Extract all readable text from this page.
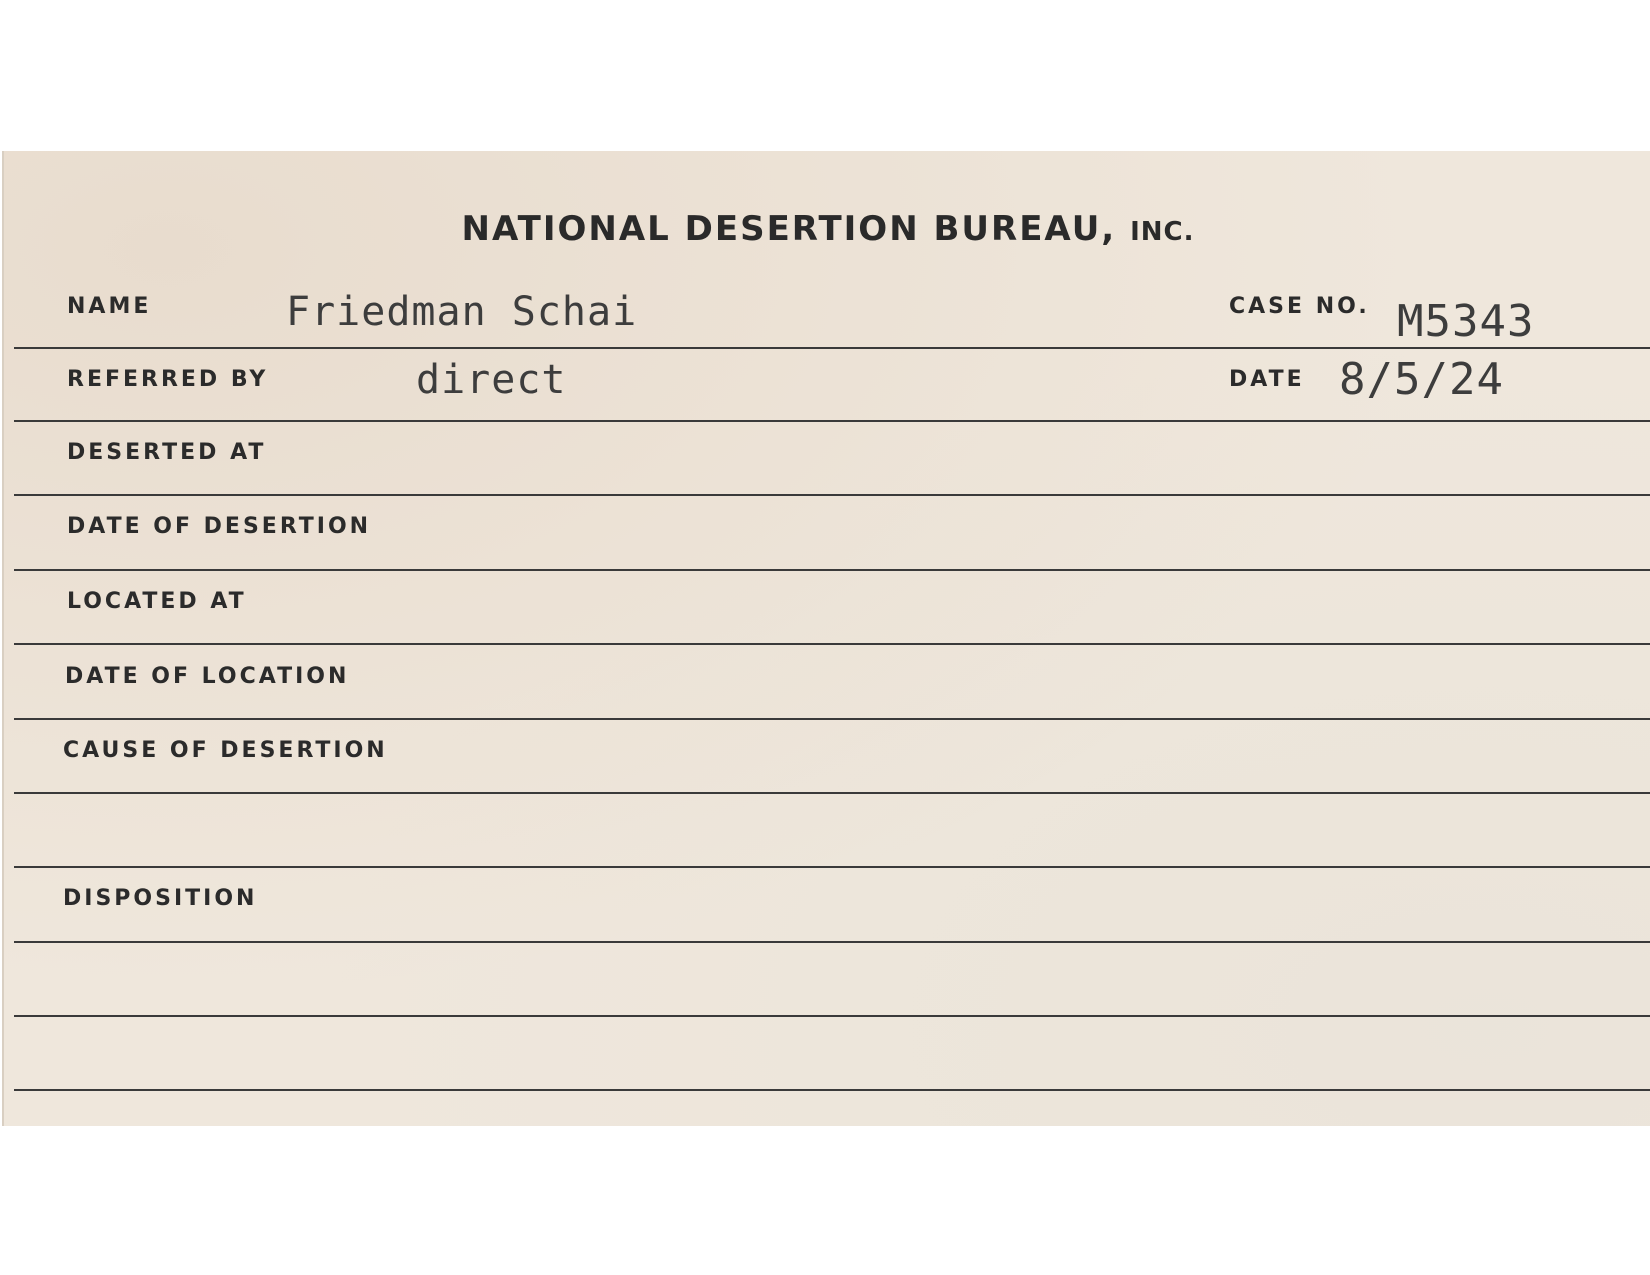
NATIONAL DESERTION BUREAU, INC.
NAME	Friedman Schai	CASE NO. M5343
REFERRED BY	direct	DATE 8/5/24
DESERTED AT
DATE OF DESERTION
LOCATED AT
DATE OF LOCATION
CAUSE OF DESERTION
DISPOSITION
